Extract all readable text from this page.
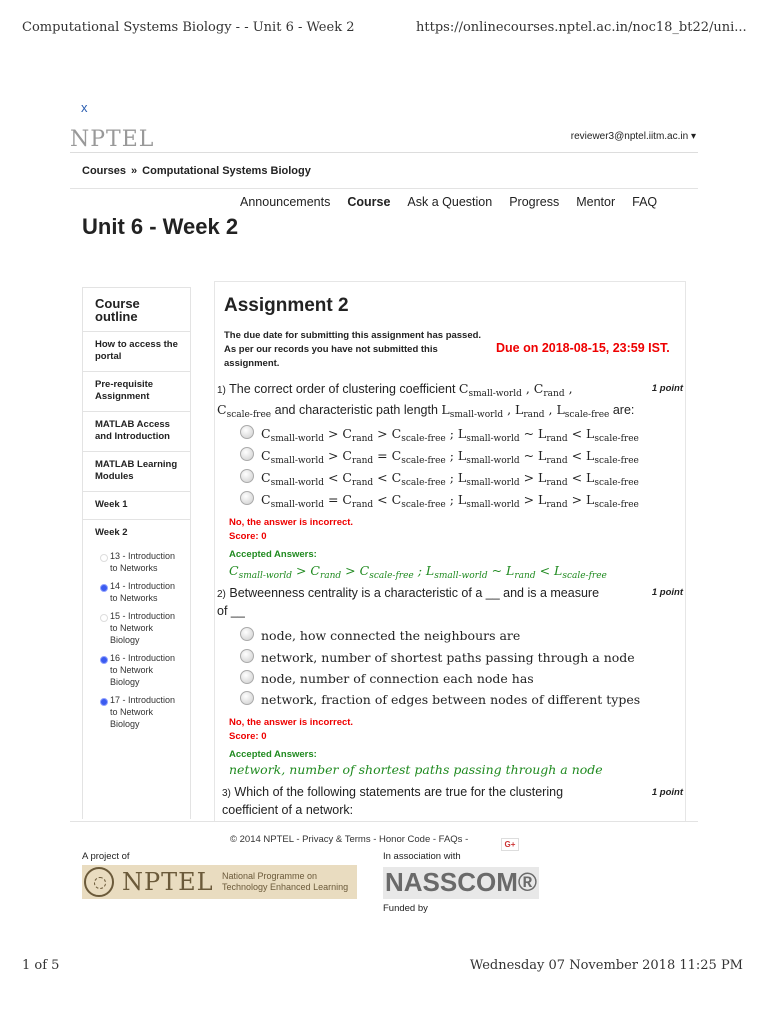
Computational Systems Biology - - Unit 6 - Week 2	https://onlinecourses.nptel.ac.in/noc18_bt22/uni...
x
NPTEL	reviewer3@nptel.iitm.ac.in ▾
Courses » Computational Systems Biology
Announcements Course Ask a Question Progress Mentor FAQ
Unit 6 - Week 2
Course outline
How to access the portal
Pre-requisite Assignment
MATLAB Access and Introduction
MATLAB Learning Modules
Week 1
Week 2
13 - Introduction to Networks
14 - Introduction to Networks
15 - Introduction to Network Biology
16 - Introduction to Network Biology
17 - Introduction to Network Biology
Assignment 2
The due date for submitting this assignment has passed.
As per our records you have not submitted this assignment.
Due on 2018-08-15, 23:59 IST.
1) The correct order of clustering coefficient $C_{small-world}$ , $C_{rand}$ ,
$C_{scale-free}$ and characteristic path length $L_{small-world}$ , $L_{rand}$ , $L_{scale-free}$ are:
1 point
$C_{small-world} > C_{rand} > C_{scale-free}$ ; $L_{small-world}$ ~ $L_{rand} < L_{scale-free}$
$C_{small-world} > C_{rand} = C_{scale-free}$ ; $L_{small-world}$ ~ $L_{rand} < L_{scale-free}$
$C_{small-world} < C_{rand} < C_{scale-free}$ ; $L_{small-world} > L_{rand} < L_{scale-free}$
$C_{small-world} = C_{rand} < C_{scale-free}$ ; $L_{small-world} > L_{rand} > L_{scale-free}$
No, the answer is incorrect.
Score: 0
Accepted Answers:
$C_{small-world} > C_{rand} > C_{scale-free}$ ; $L_{small-world}$ ~ $L_{rand} < L_{scale-free}$
2) Betweenness centrality is a characteristic of a __ and is a measure
of __
1 point
node, how connected the neighbours are
network, number of shortest paths passing through a node
node, number of connection each node has
network, fraction of edges between nodes of different types
No, the answer is incorrect.
Score: 0
Accepted Answers:
network, number of shortest paths passing through a node
3) Which of the following statements are true for the clustering
coefficient of a network:
1 point
© 2014 NPTEL - Privacy & Terms - Honor Code - FAQs -	G+
A project of	In association with
NPTEL National Programme on
Technology Enhanced Learning NASSCOM®
Funded by
1 of 5	Wednesday 07 November 2018 11:25 PM
